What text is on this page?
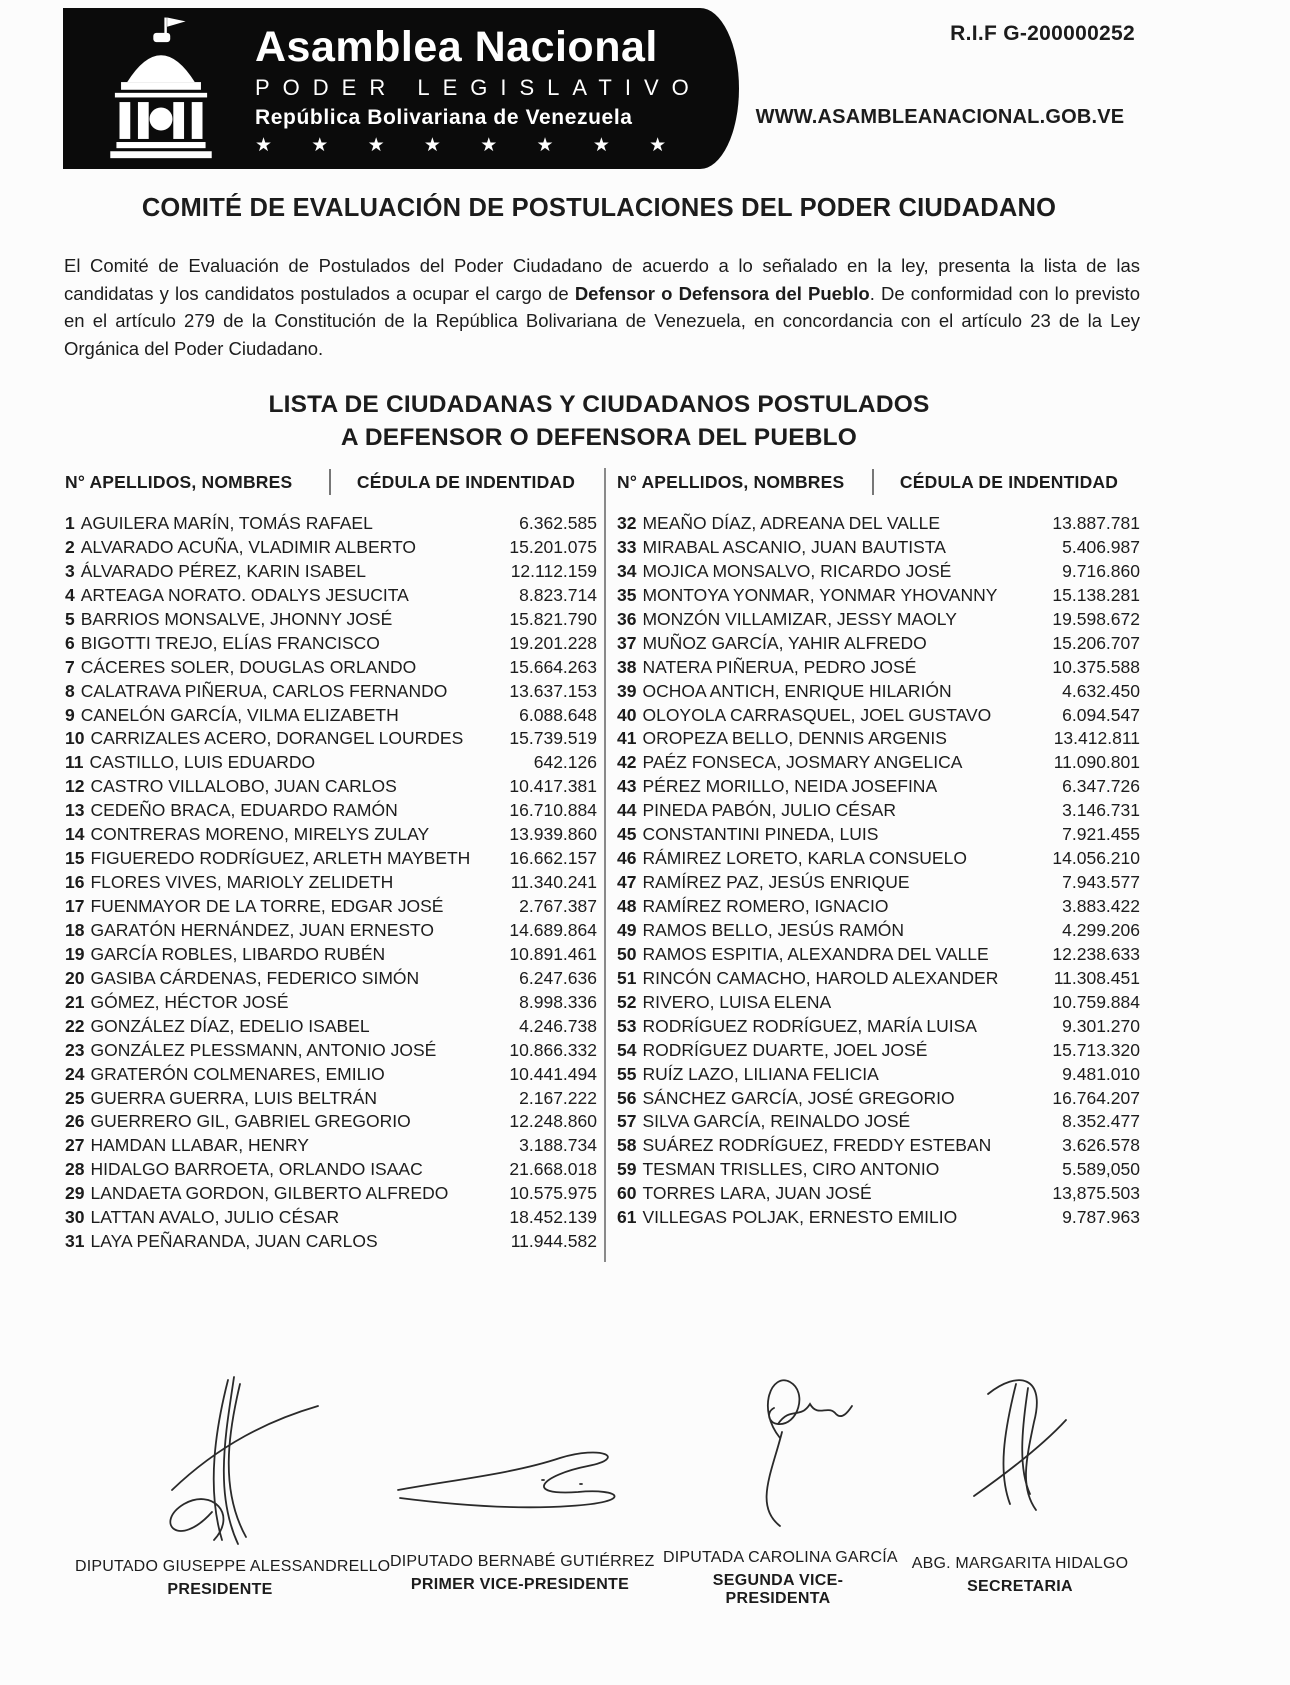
Asamblea Nacional
PODER LEGISLATIVO
República Bolivariana de Venezuela
★ ★ ★ ★ ★ ★ ★ ★
R.I.F G-200000252
WWW.ASAMBLEANACIONAL.GOB.VE
COMITÉ DE EVALUACIÓN DE POSTULACIONES DEL PODER CIUDADANO
El Comité de Evaluación de Postulados del Poder Ciudadano de acuerdo a lo señalado en la ley, presenta la lista de las candidatas y los candidatos postulados a ocupar el cargo de Defensor o Defensora del Pueblo. De conformidad con lo previsto en el artículo 279 de la Constitución de la República Bolivariana de Venezuela, en concordancia con el artículo 23 de la Ley Orgánica del Poder Ciudadano.
LISTA DE CIUDADANAS Y CIUDADANOS POSTULADOS
A DEFENSOR O DEFENSORA DEL PUEBLO
N° APELLIDOS, NOMBRES	CÉDULA DE INDENTIDAD	N° APELLIDOS, NOMBRES	CÉDULA DE INDENTIDAD
1 AGUILERA MARÍN, TOMÁS RAFAEL	6.362.585
2 ALVARADO ACUÑA, VLADIMIR ALBERTO	15.201.075
3 ÁLVARADO PÉREZ, KARIN ISABEL	12.112.159
4 ARTEAGA NORATO. ODALYS JESUCITA	8.823.714
5 BARRIOS MONSALVE, JHONNY JOSÉ	15.821.790
6 BIGOTTI TREJO, ELÍAS FRANCISCO	19.201.228
7 CÁCERES SOLER, DOUGLAS ORLANDO	15.664.263
8 CALATRAVA PIÑERUA, CARLOS FERNANDO	13.637.153
9 CANELÓN GARCÍA, VILMA ELIZABETH	6.088.648
10 CARRIZALES ACERO, DORANGEL LOURDES	15.739.519
11 CASTILLO, LUIS EDUARDO	642.126
12 CASTRO VILLALOBO, JUAN CARLOS	10.417.381
13 CEDEÑO BRACA, EDUARDO RAMÓN	16.710.884
14 CONTRERAS MORENO, MIRELYS ZULAY	13.939.860
15 FIGUEREDO RODRÍGUEZ, ARLETH MAYBETH 16.662.157
16 FLORES VIVES, MARIOLY ZELIDETH	11.340.241
17 FUENMAYOR DE LA TORRE, EDGAR JOSÉ	2.767.387
18 GARATÓN HERNÁNDEZ, JUAN ERNESTO	14.689.864
19 GARCÍA ROBLES, LIBARDO RUBÉN	10.891.461
20 GASIBA CÁRDENAS, FEDERICO SIMÓN	6.247.636
21 GÓMEZ, HÉCTOR JOSÉ	8.998.336
22 GONZÁLEZ DÍAZ, EDELIO ISABEL	4.246.738
23 GONZÁLEZ PLESSMANN, ANTONIO JOSÉ	10.866.332
24 GRATERÓN COLMENARES, EMILIO	10.441.494
25 GUERRA GUERRA, LUIS BELTRÁN	2.167.222
26 GUERRERO GIL, GABRIEL GREGORIO	12.248.860
27 HAMDAN LLABAR, HENRY	3.188.734
28 HIDALGO BARROETA, ORLANDO ISAAC	21.668.018
29 LANDAETA GORDON, GILBERTO ALFREDO	10.575.975
30 LATTAN AVALO, JULIO CÉSAR	18.452.139
31 LAYA PEÑARANDA, JUAN CARLOS	11.944.582
32 MEAÑO DÍAZ, ADREANA DEL VALLE	13.887.781
33 MIRABAL ASCANIO, JUAN BAUTISTA	5.406.987
34 MOJICA MONSALVO, RICARDO JOSÉ	9.716.860
35 MONTOYA YONMAR, YONMAR YHOVANNY	15.138.281
36 MONZÓN VILLAMIZAR, JESSY MAOLY	19.598.672
37 MUÑOZ GARCÍA, YAHIR ALFREDO	15.206.707
38 NATERA PIÑERUA, PEDRO JOSÉ	10.375.588
39 OCHOA ANTICH, ENRIQUE HILARIÓN	4.632.450
40 OLOYOLA CARRASQUEL, JOEL GUSTAVO	6.094.547
41 OROPEZA BELLO, DENNIS ARGENIS	13.412.811
42 PAÉZ FONSECA, JOSMARY ANGELICA	11.090.801
43 PÉREZ MORILLO, NEIDA JOSEFINA	6.347.726
44 PINEDA PABÓN, JULIO CÉSAR	3.146.731
45 CONSTANTINI PINEDA, LUIS	7.921.455
46 RÁMIREZ LORETO, KARLA CONSUELO	14.056.210
47 RAMÍREZ PAZ, JESÚS ENRIQUE	7.943.577
48 RAMÍREZ ROMERO, IGNACIO	3.883.422
49 RAMOS BELLO, JESÚS RAMÓN	4.299.206
50 RAMOS ESPITIA, ALEXANDRA DEL VALLE	12.238.633
51 RINCÓN CAMACHO, HAROLD ALEXANDER	11.308.451
52 RIVERO, LUISA ELENA	10.759.884
53 RODRÍGUEZ RODRÍGUEZ, MARÍA LUISA	9.301.270
54 RODRÍGUEZ DUARTE, JOEL JOSÉ	15.713.320
55 RUÍZ LAZO, LILIANA FELICIA	9.481.010
56 SÁNCHEZ GARCÍA, JOSÉ GREGORIO	16.764.207
57 SILVA GARCÍA, REINALDO JOSÉ	8.352.477
58 SUÁREZ RODRÍGUEZ, FREDDY ESTEBAN	3.626.578
59 TESMAN TRISLLES, CIRO ANTONIO	5.589,050
60 TORRES LARA, JUAN JOSÉ	13,875.503
61 VILLEGAS POLJAK, ERNESTO EMILIO	9.787.963
DIPUTADO GIUSEPPE ALESSANDRELLO
PRESIDENTE
DIPUTADO BERNABÉ GUTIÉRREZ
PRIMER VICE-PRESIDENTE
DIPUTADA CAROLINA GARCÍA
SEGUNDA VICE-PRESIDENTA
ABG. MARGARITA HIDALGO
SECRETARIA
